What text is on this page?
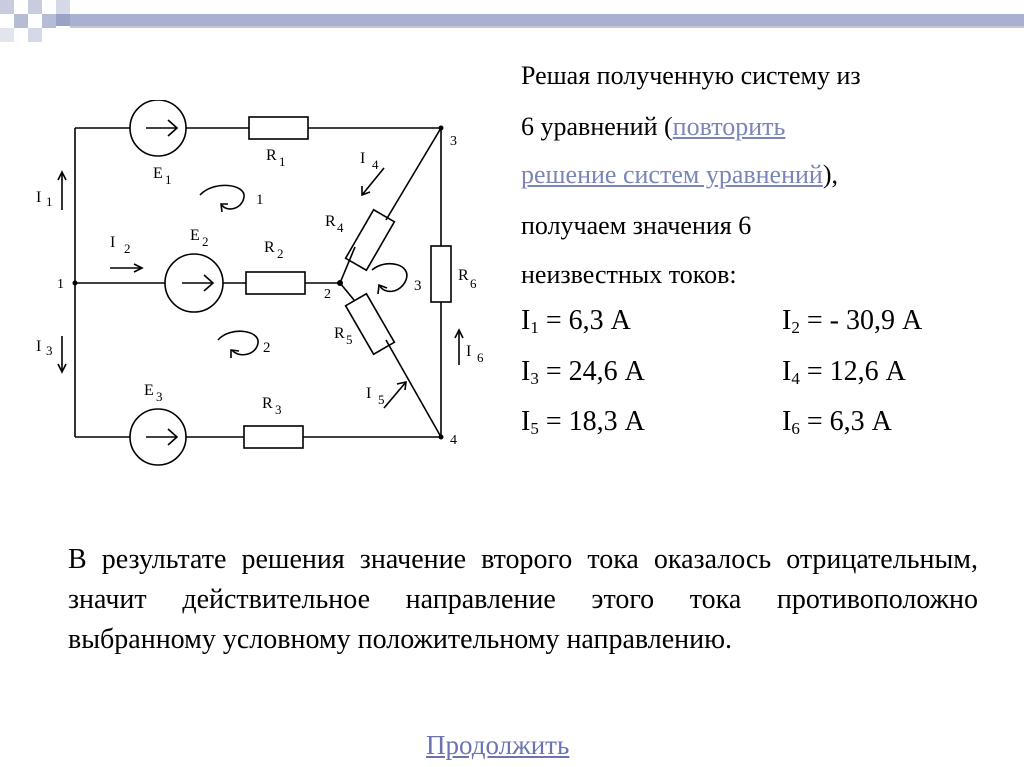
I 1
I 2
I 3
I 4
I 5
I 6
E 1
E 2
E 3
R 1
R 2
R 3
R 4
R 5
R 6
1
2
3
4
1
2
3
Решая полученную систему из
6 уравнений (повторить
решение систем уравнений),
получаем значения 6
неизвестных токов:
$I_1 = 6,3$ А	$I_2$ = - 30,9 А
$I_3 = 24,6$ А	$I_4 = 12,6$ А
$I_5 = 18,3$ А	$I_6 = 6,3$ А
В результате решения значение второго тока оказалось отрицательным, значит действительное направление этого тока противоположно выбранному условному положительному направлению.
Продолжить
